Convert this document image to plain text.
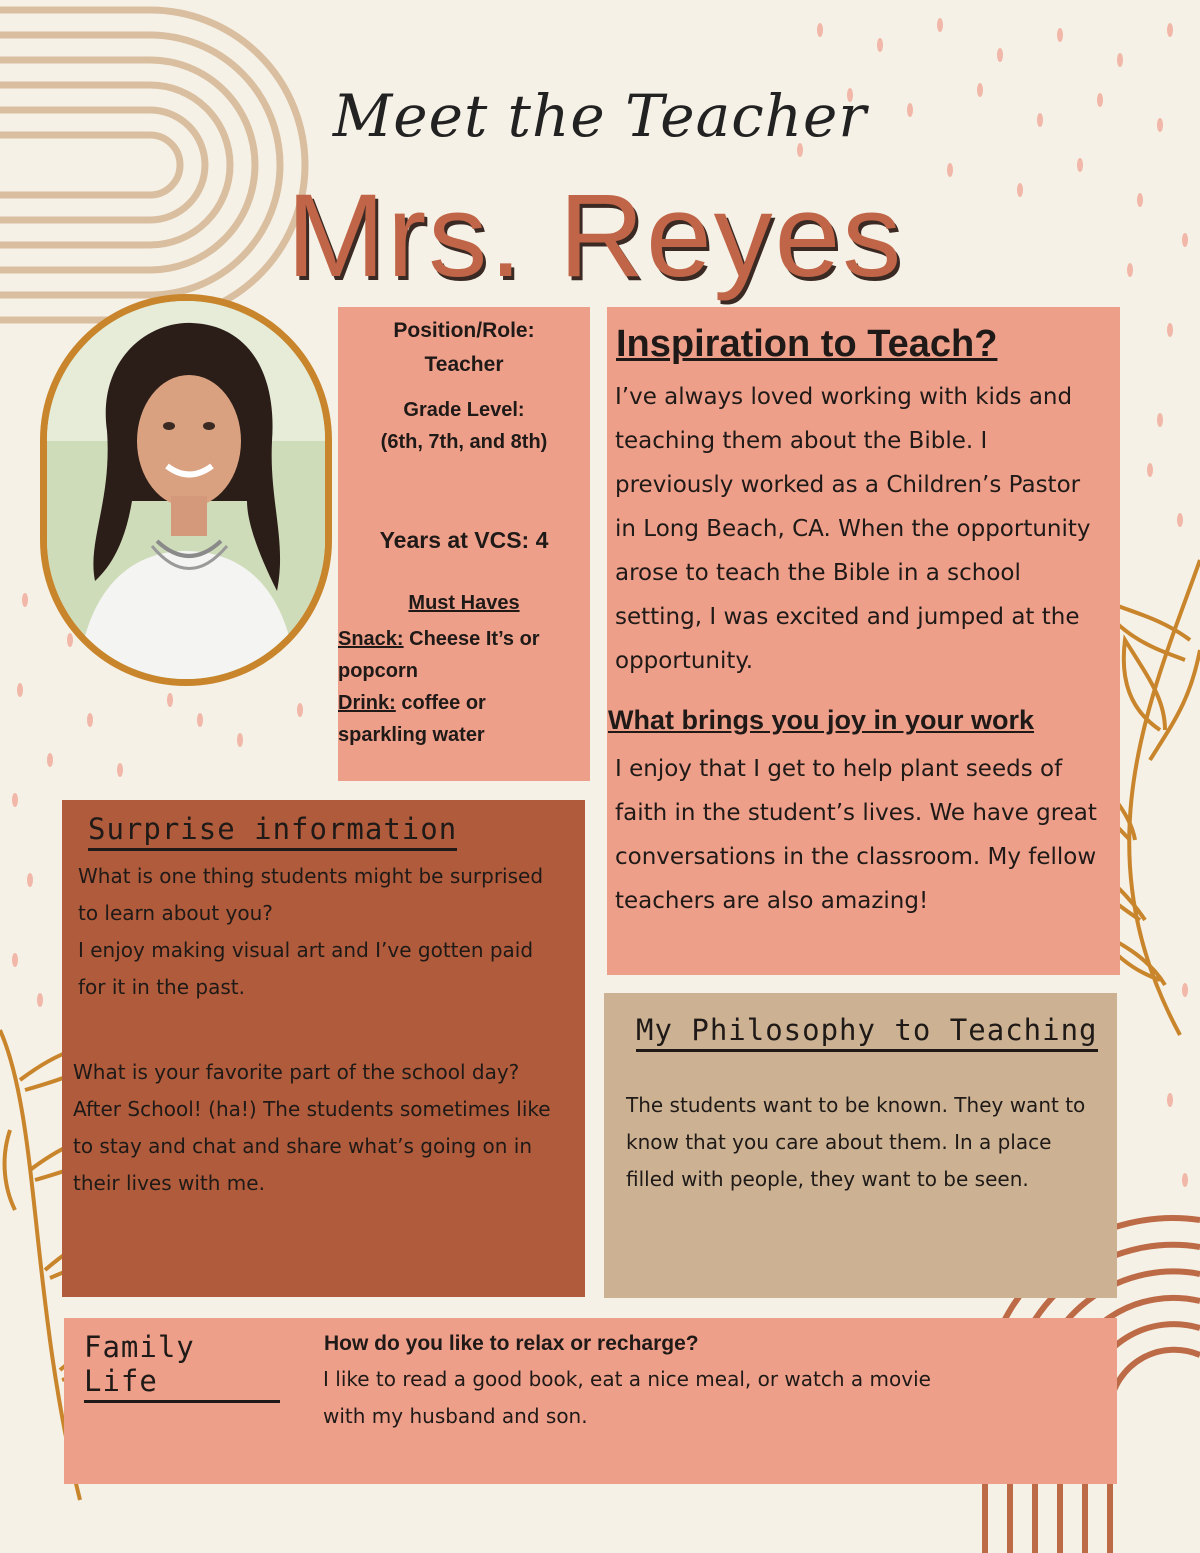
Meet the Teacher
Mrs. Reyes
Position/Role:
Teacher
Grade Level:
(6th, 7th, and 8th)
Years at VCS: 4
Must Haves
Snack: Cheese It’s or popcorn
Drink: coffee or sparkling water
Inspiration to Teach?
I’ve always loved working with kids and teaching them about the Bible. I previously worked as a Children’s Pastor in Long Beach, CA. When the opportunity arose to teach the Bible in a school setting, I was excited and jumped at the opportunity.
What brings you joy in your work
I enjoy that I get to help plant seeds of faith in the student’s lives. We have great conversations in the classroom. My fellow teachers are also amazing!
Surprise information
What is one thing students might be surprised to learn about you?
I enjoy making visual art and I’ve gotten paid for it in the past.
What is your favorite part of the school day?
After School! (ha!) The students sometimes like to stay and chat and share what’s going on in their lives with me.
My Philosophy to Teaching
The students want to be known. They want to know that you care about them. In a place filled with people, they want to be seen.
Family Life
How do you like to relax or recharge?
I like to read a good book, eat a nice meal, or watch a movie with my husband and son.
